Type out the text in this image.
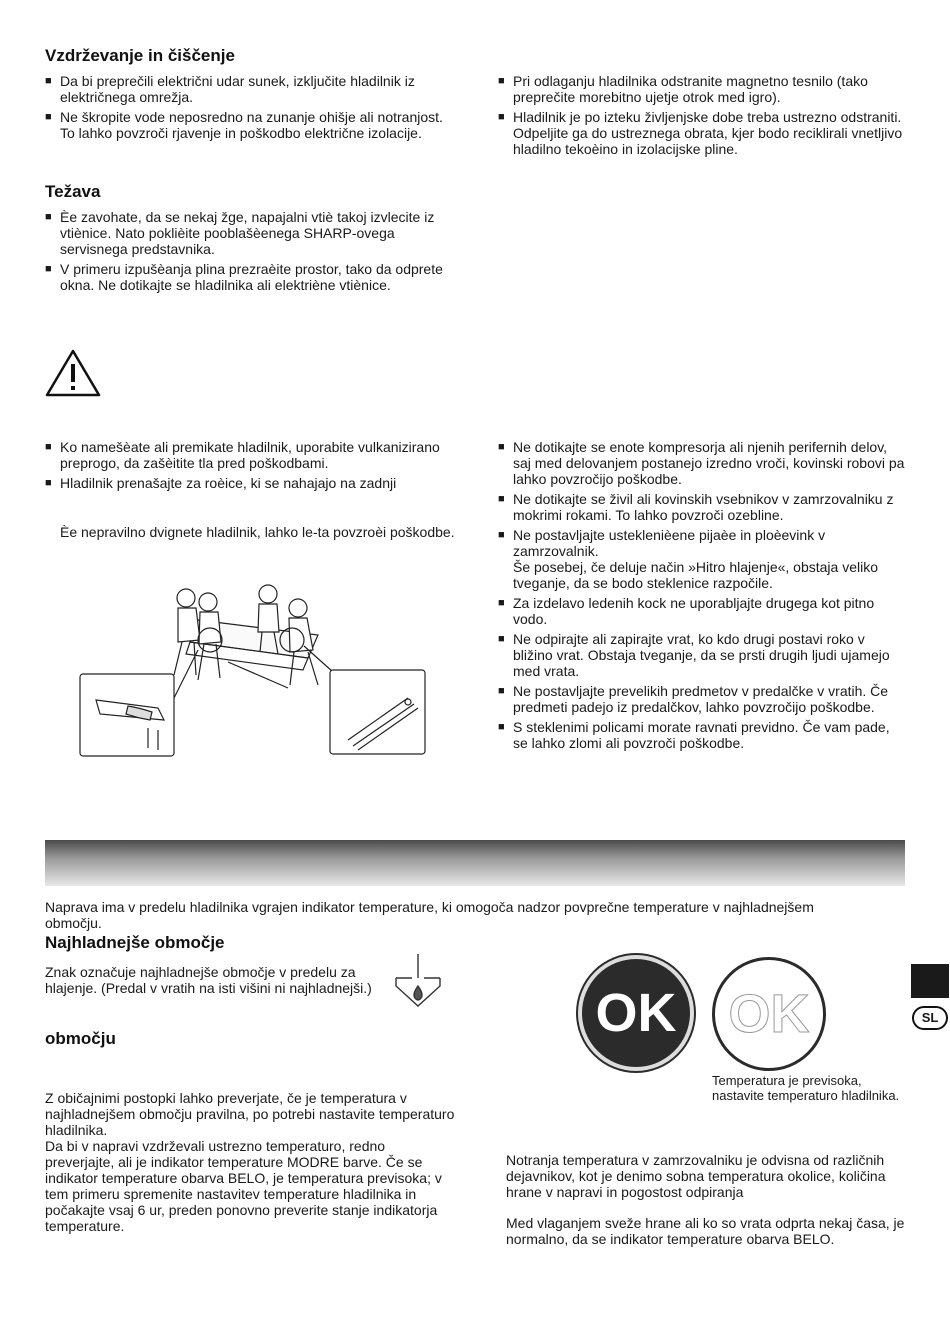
Vzdrževanje in čiščenje
■ Da bi preprečili električni udar sunek, izključite hladilnik iz električnega omrežja.
■ Ne škropite vode neposredno na zunanje ohišje ali notranjost. To lahko povzroči rjavenje in poškodbo električne izolacije.
■ Pri odlaganju hladilnika odstranite magnetno tesnilo (tako preprečite morebitno ujetje otrok med igro).
■ Hladilnik je po izteku življenjske dobe treba ustrezno odstraniti. Odpeljite ga do ustreznega obrata, kjer bodo reciklirali vnetljivo hladilno tekoèino in izolacijske pline.
Težava
■ Èe zavohate, da se nekaj žge, napajalni vtiè takoj izvlecite iz vtiènice. Nato poklièite pooblašèenega SHARP-ovega servisnega predstavnika.
■ V primeru izpušèanja plina prezraèite prostor, tako da odprete okna. Ne dotikajte se hladilnika ali elektriène vtiènice.
■ Ko namešèate ali premikate hladilnik, uporabite vulkanizirano preprogo, da zašèitite tla pred poškodbami.
■ Hladilnik prenašajte za roèice, ki se nahajajo na zadnji

Èe nepravilno dvignete hladilnik, lahko le-ta povzroèi poškodbe.

■ Ne dotikajte se enote kompresorja ali njenih perifernih delov, saj med delovanjem postanejo izredno vroči, kovinski robovi pa lahko povzročijo poškodbe.
■ Ne dotikajte se živil ali kovinskih vsebnikov v zamrzovalniku z mokrimi rokami. To lahko povzroči ozebline.
■ Ne postavljajte usteklenièene pijaèe in ploèevink v zamrzovalnik.
Še posebej, če deluje način »Hitro hlajenje«, obstaja veliko tveganje, da se bodo steklenice razpočile.
■ Za izdelavo ledenih kock ne uporabljajte drugega kot pitno vodo.
■ Ne odpirajte ali zapirajte vrat, ko kdo drugi postavi roko v bližino vrat. Obstaja tveganje, da se prsti drugih ljudi ujamejo med vrata.
■ Ne postavljajte prevelikih predmetov v predalčke v vratih. Če predmeti padejo iz predalčkov, lahko povzročijo poškodbe.
■ S steklenimi policami morate ravnati previdno. Če vam pade, se lahko zlomi ali povzroči poškodbe.

Naprava ima v predelu hladilnika vgrajen indikator temperature, ki omogoča nadzor povprečne temperature v najhladnejšem območju.

Najhladnejše območje

Znak označuje najhladnejše območje v predelu za hlajenje. (Predal v vratih na isti višini ni najhladnejši.)

območju

Z običajnimi postopki lahko preverjate, če je temperatura v najhladnejšem območju pravilna, po potrebi nastavite temperaturo hladilnika.

Da bi v napravi vzdrževali ustrezno temperaturo, redno preverjajte, ali je indikator temperature MODRE barve. Če se indikator temperature obarva BELO, je temperatura previsoka; v tem primeru spremenite nastavitev temperature hladilnika in počakajte vsaj 6 ur, preden ponovno preverite stanje indikatorja temperature.

OK OK
Temperatura je previsoka, nastavite temperaturo hladilnika.

Notranja temperatura v zamrzovalniku je odvisna od različnih dejavnikov, kot je denimo sobna temperatura okolice, količina hrane v napravi in pogostost odpiranja

Med vlaganjem sveže hrane ali ko so vrata odprta nekaj časa, je normalno, da se indikator temperature obarva BELO.

SL
